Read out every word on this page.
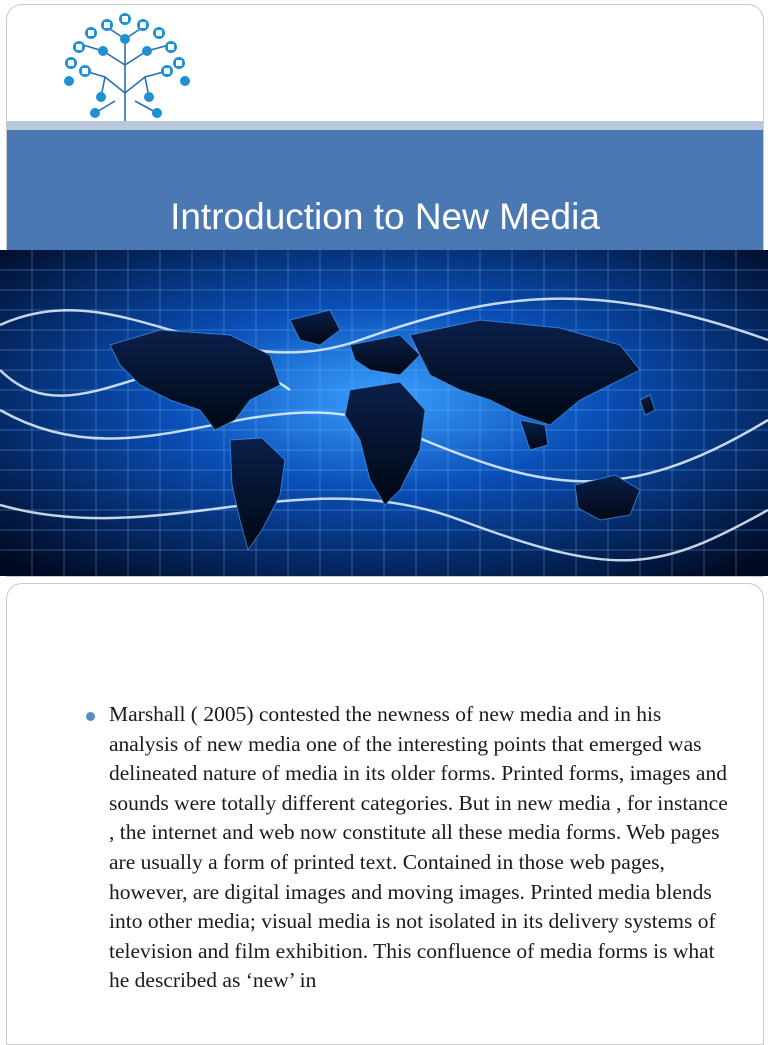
Introduction to New Media

Marshall ( 2005) contested the newness of new media and in his analysis of new media one of the interesting points that emerged was delineated nature of media in its older forms. Printed forms, images and sounds were totally different categories. But in new media , for instance , the internet and web now constitute all these media forms. Web pages are usually a form of printed text. Contained in those web pages, however, are digital images and moving images. Printed media blends into other media; visual media is not isolated in its delivery systems of television and film exhibition. This confluence of media forms is what he described as ‘new’ in
